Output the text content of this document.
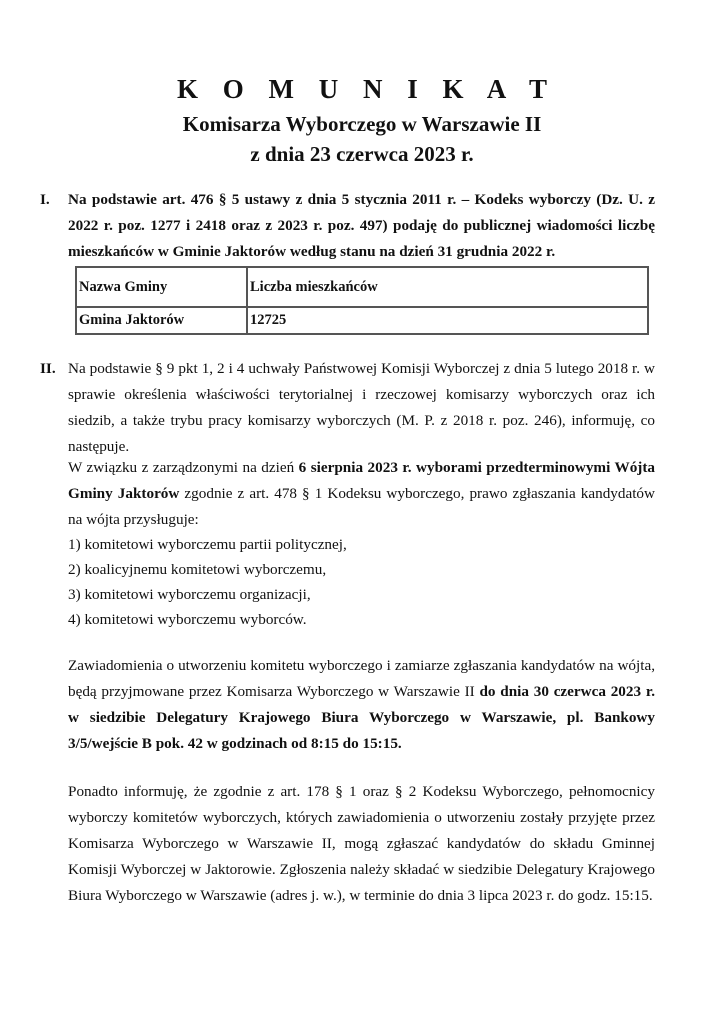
K O M U N I K A T
Komisarza Wyborczego w Warszawie II
z dnia 23 czerwca 2023 r.
I. Na podstawie art. 476 § 5 ustawy z dnia 5 stycznia 2011 r. – Kodeks wyborczy (Dz. U. z 2022 r. poz. 1277 i 2418 oraz z 2023 r. poz. 497) podaję do publicznej wiadomości liczbę mieszkańców w Gminie Jaktorów według stanu na dzień 31 grudnia 2022 r.
Nazwa Gminy	Liczba mieszkańców
Gmina Jaktorów	12725
II. Na podstawie § 9 pkt 1, 2 i 4 uchwały Państwowej Komisji Wyborczej z dnia 5 lutego 2018 r. w sprawie określenia właściwości terytorialnej i rzeczowej komisarzy wyborczych oraz ich siedzib, a także trybu pracy komisarzy wyborczych (M. P. z 2018 r. poz. 246), informuję, co następuje.
W związku z zarządzonymi na dzień 6 sierpnia 2023 r. wyborami przedterminowymi Wójta Gminy Jaktorów zgodnie z art. 478 § 1 Kodeksu wyborczego, prawo zgłaszania kandydatów na wójta przysługuje:
1) komitetowi wyborczemu partii politycznej,
2) koalicyjnemu komitetowi wyborczemu,
3) komitetowi wyborczemu organizacji,
4) komitetowi wyborczemu wyborców.
Zawiadomienia o utworzeniu komitetu wyborczego i zamiarze zgłaszania kandydatów na wójta, będą przyjmowane przez Komisarza Wyborczego w Warszawie II do dnia 30 czerwca 2023 r. w siedzibie Delegatury Krajowego Biura Wyborczego w Warszawie, pl. Bankowy 3/5/wejście B pok. 42 w godzinach od 8:15 do 15:15.
Ponadto informuję, że zgodnie z art. 178 § 1 oraz § 2 Kodeksu Wyborczego, pełnomocnicy wyborczy komitetów wyborczych, których zawiadomienia o utworzeniu zostały przyjęte przez Komisarza Wyborczego w Warszawie II, mogą zgłaszać kandydatów do składu Gminnej Komisji Wyborczej w Jaktorowie. Zgłoszenia należy składać w siedzibie Delegatury Krajowego Biura Wyborczego w Warszawie (adres j. w.), w terminie do dnia 3 lipca 2023 r. do godz. 15:15.
